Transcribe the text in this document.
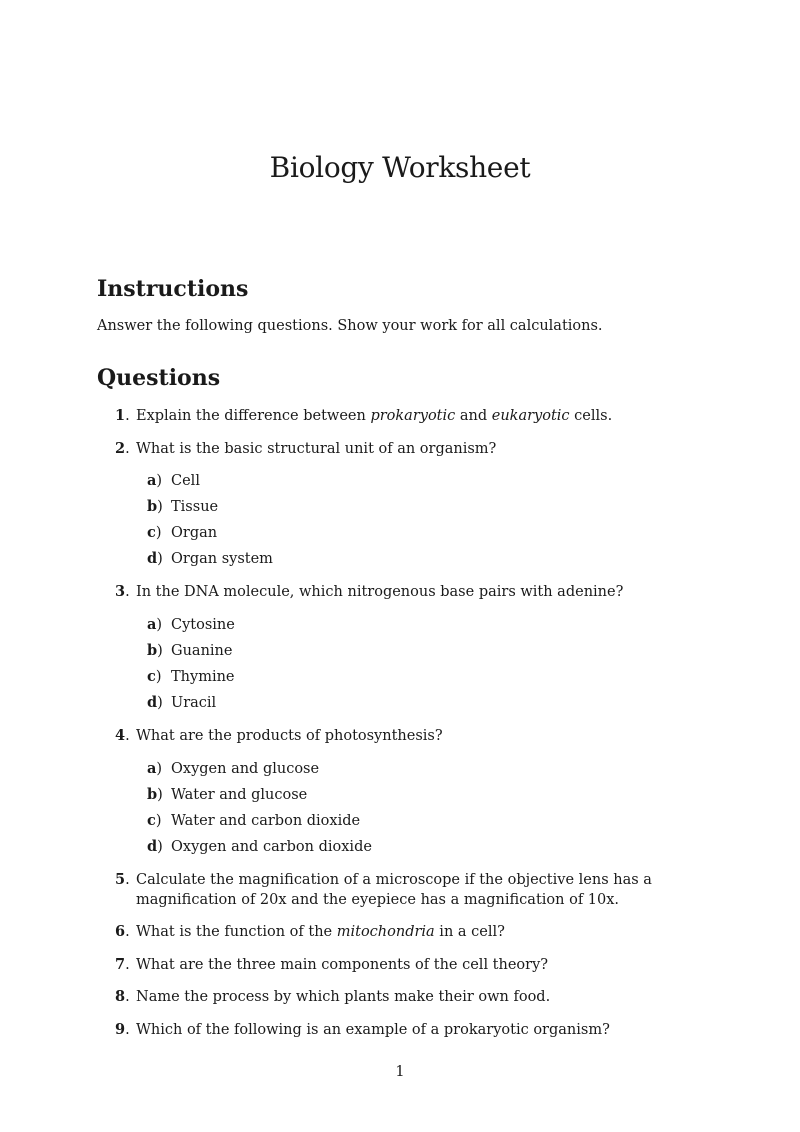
Biology Worksheet
Instructions

Answer the following questions. Show your work for all calculations.

Questions
1. Explain the difference between prokaryotic and eukaryotic cells.
2. What is the basic structural unit of an organism?
a) Cell
b) Tissue
c) Organ
d) Organ system
3. In the DNA molecule, which nitrogenous base pairs with adenine?
a) Cytosine
b) Guanine
c) Thymine
d) Uracil
4. What are the products of photosynthesis?
a) Oxygen and glucose
b) Water and glucose
c) Water and carbon dioxide
d) Oxygen and carbon dioxide
5. Calculate the magnification of a microscope if the objective lens has a magnification of 20x and the eyepiece has a magnification of 10x.
6. What is the function of the mitochondria in a cell?
7. What are the three main components of the cell theory?
8. Name the process by which plants make their own food.
9. Which of the following is an example of a prokaryotic organism?
1
